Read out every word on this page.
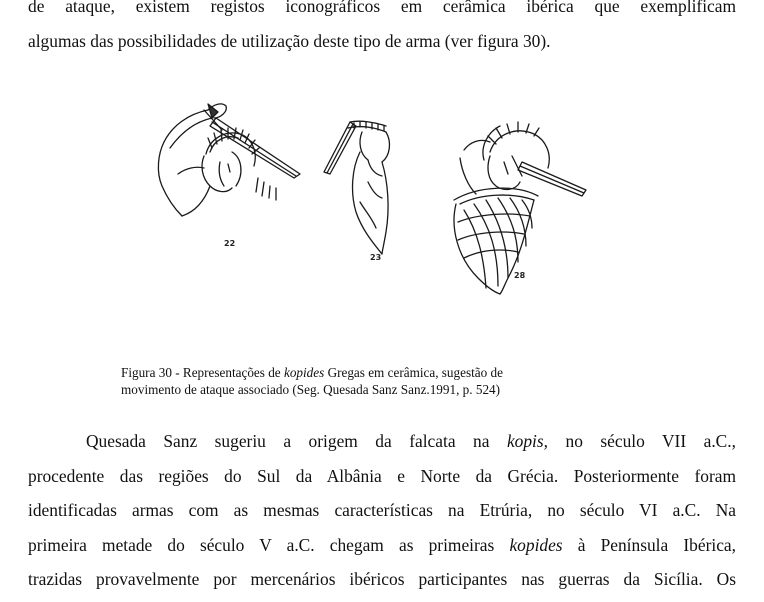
de ataque, existem registos iconográficos em cerâmica ibérica que exemplificam
algumas das possibilidades de utilização deste tipo de arma (ver figura 30).

22
23
28
Figura 30 - Representações de kopides Gregas em cerâmica, sugestão de
movimento de ataque associado (Seg. Quesada Sanz Sanz.1991, p. 524)

Quesada Sanz sugeriu a origem da falcata na kopis, no século VII a.C.,
procedente das regiões do Sul da Albânia e Norte da Grécia. Posteriormente foram
identificadas armas com as mesmas características na Etrúria, no século VI a.C. Na
primeira metade do século V a.C. chegam as primeiras kopides à Península Ibérica,
trazidas provavelmente por mercenários ibéricos participantes nas guerras da Sicília. Os
